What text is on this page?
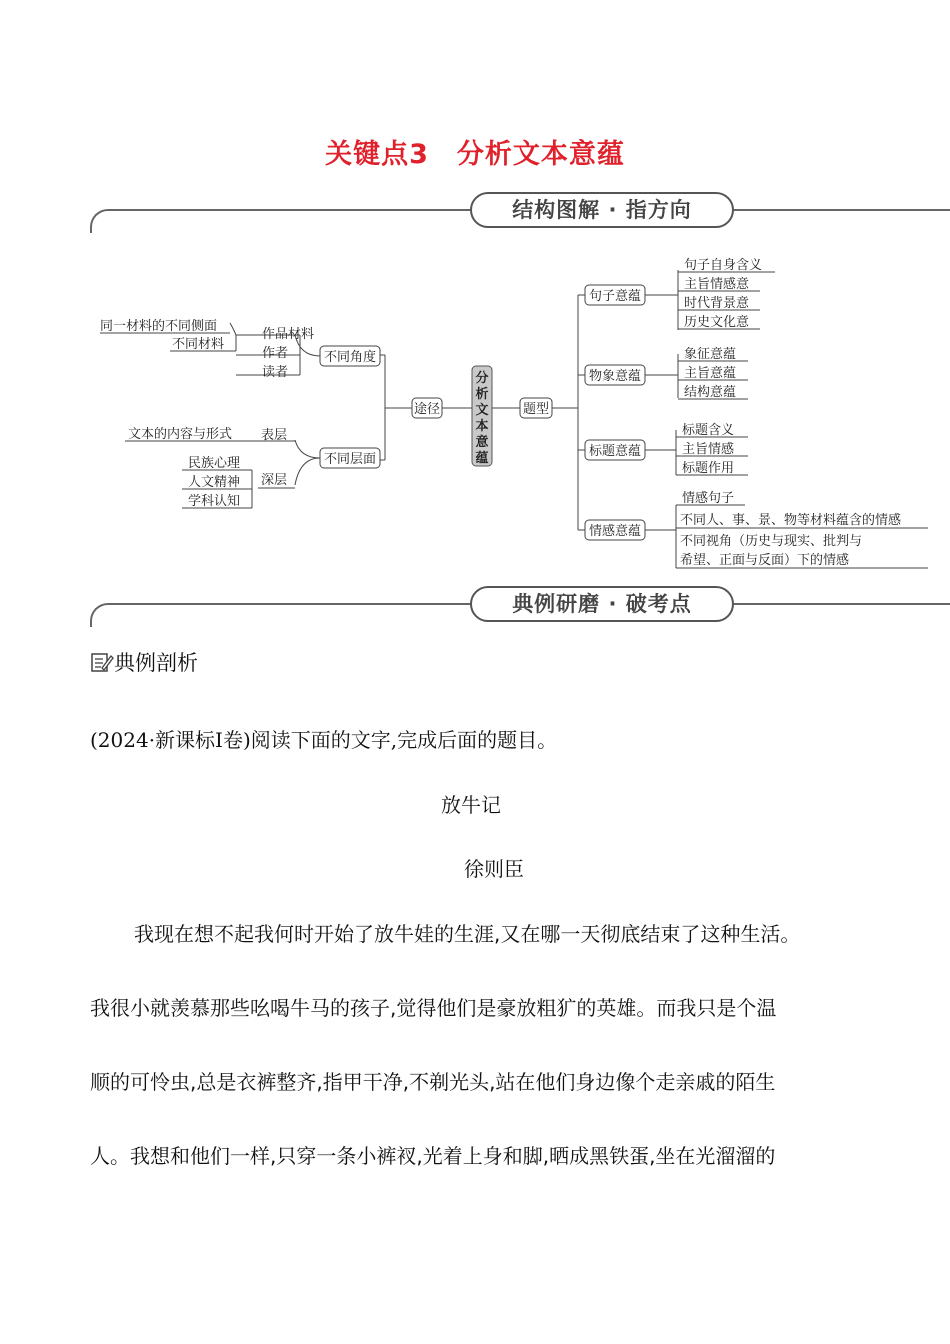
关键点3　分析文本意蕴
结构图解 · 指方向
分
析
文
本
意
蕴
途径	题型
不同角度
不同层面
作品材料
作者
读者
同一材料的不同侧面
不同材料
文本的内容与形式 表层
深层
民族心理
人文精神
学科认知
句子意蕴
物象意蕴
标题意蕴
情感意蕴
句子自身含义
主旨情感意
时代背景意
历史文化意
象征意蕴
主旨意蕴
结构意蕴
标题含义
主旨情感
标题作用
情感句子
不同人、事、景、物等材料蕴含的情感
不同视角（历史与现实、批判与
希望、正面与反面）下的情感
典例研磨 · 破考点
典例剖析
(2024·新课标Ⅰ卷)阅读下面的文字,完成后面的题目。
放牛记
徐则臣
我现在想不起我何时开始了放牛娃的生涯,又在哪一天彻底结束了这种生活。
我很小就羡慕那些吆喝牛马的孩子,觉得他们是豪放粗犷的英雄。而我只是个温
顺的可怜虫,总是衣裤整齐,指甲干净,不剃光头,站在他们身边像个走亲戚的陌生
人。我想和他们一样,只穿一条小裤衩,光着上身和脚,晒成黑铁蛋,坐在光溜溜的
